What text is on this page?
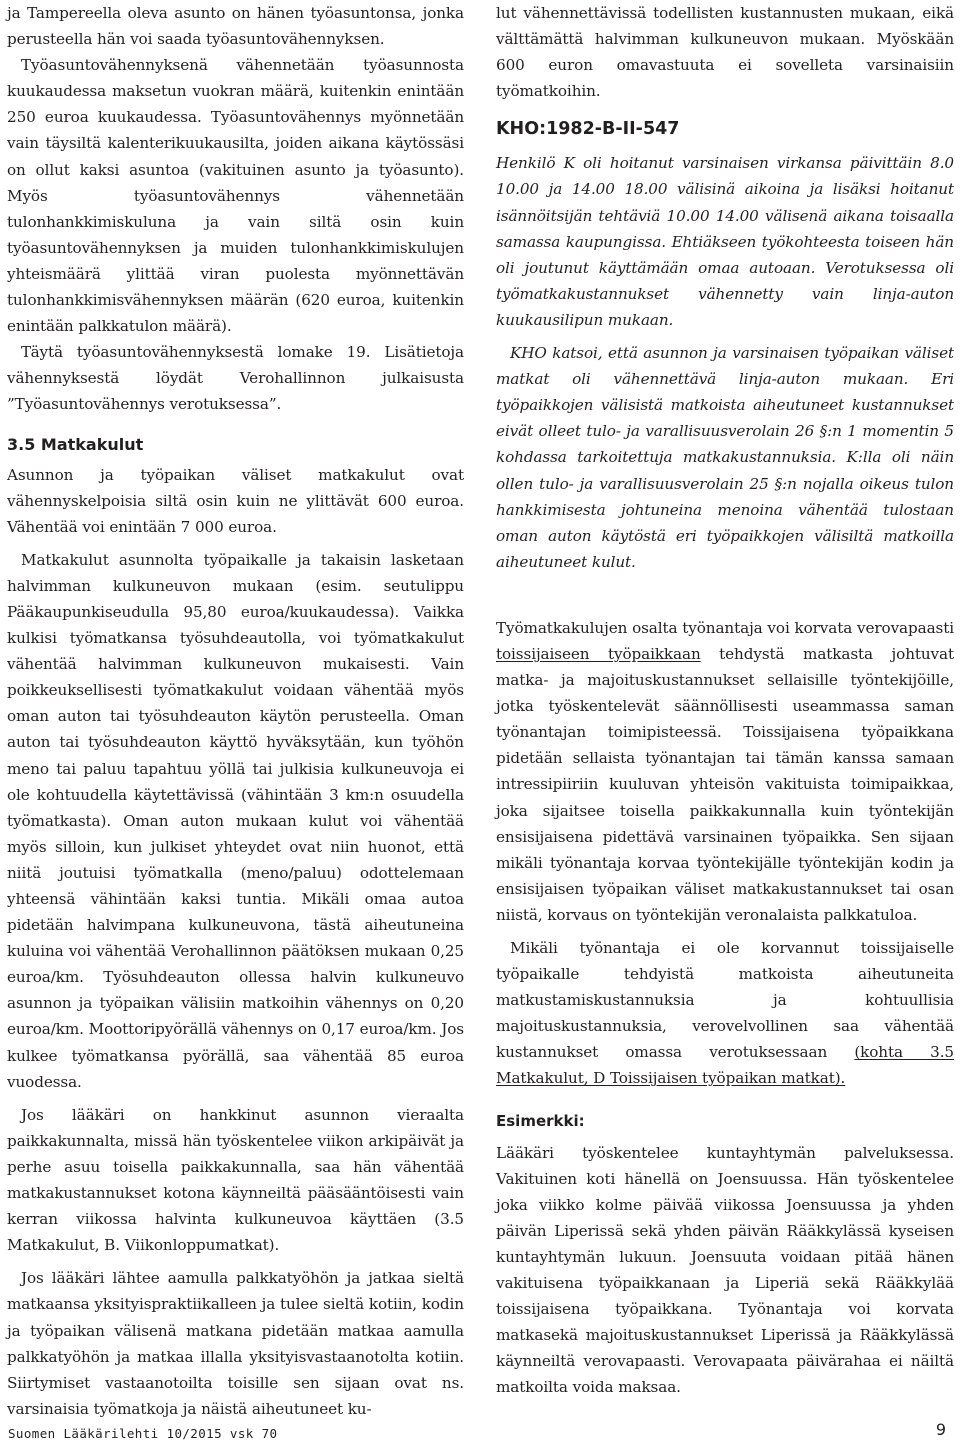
ja Tampereella oleva asunto on hänen työasuntonsa, jonka perusteella hän voi saada työasuntovähennyksen.

Työasuntovähennyksenä vähennetään työasunnosta kuukaudessa maksetun vuokran määrä, kuitenkin enintään 250 euroa kuukaudessa. Työasuntovähennys myönnetään vain täysiltä kalenterikuukausilta, joiden aikana käytössäsi on ollut kaksi asuntoa (vakituinen asunto ja työasunto). Myös työasuntovähennys vähennetään tulonhankkimiskuluna ja vain siltä osin kuin työasuntovähennyksen ja muiden tulonhankkimiskulujen yhteismäärä ylittää viran puolesta myönnettävän tulonhankkimisvähennyksen määrän (620 euroa, kuitenkin enintään palkkatulon määrä).

Täytä työasuntovähennyksestä lomake 19. Lisätietoja vähennyksestä löydät Verohallinnon julkaisusta ”Työasuntovähennys verotuksessa”.

3.5 Matkakulut

Asunnon ja työpaikan väliset matkakulut ovat vähennyskelpoisia siltä osin kuin ne ylittävät 600 euroa. Vähentää voi enintään 7 000 euroa.

Matkakulut asunnolta työpaikalle ja takaisin lasketaan halvimman kulkuneuvon mukaan (esim. seutulippu Pääkaupunkiseudulla 95,80 euroa/kuukaudessa). Vaikka kulkisi työmatkansa työsuhdeautolla, voi työmatkakulut vähentää halvimman kulkuneuvon mukaisesti. Vain poikkeuksellisesti työmatkakulut voidaan vähentää myös oman auton tai työsuhdeauton käytön perusteella. Oman auton tai työsuhdeauton käyttö hyväksytään, kun työhön meno tai paluu tapahtuu yöllä tai julkisia kulkuneuvoja ei ole kohtuudella käytettävissä (vähintään 3 km:n osuudella työmatkasta). Oman auton mukaan kulut voi vähentää myös silloin, kun julkiset yhteydet ovat niin huonot, että niitä joutuisi työmatkalla (meno/paluu) odottelemaan yhteensä vähintään kaksi tuntia. Mikäli omaa autoa pidetään halvimpana kulkuneuvona, tästä aiheutuneina kuluina voi vähentää Verohallinnon päätöksen mukaan 0,25 euroa/km. Työsuhdeauton ollessa halvin kulkuneuvo asunnon ja työpaikan välisiin matkoihin vähennys on 0,20 euroa/km. Moottoripyörällä vähennys on 0,17 euroa/km. Jos kulkee työmatkansa pyörällä, saa vähentää 85 euroa vuodessa.

Jos lääkäri on hankkinut asunnon vieraalta paikkakunnalta, missä hän työskentelee viikon arkipäivät ja perhe asuu toisella paikkakunnalla, saa hän vähentää matkakustannukset kotona käynneiltä pääsääntöisesti vain kerran viikossa halvinta kulkuneuvoa käyttäen (3.5 Matkakulut, B. Viikonloppumatkat).

Jos lääkäri lähtee aamulla palkkatyöhön ja jatkaa sieltä matkaansa yksityispraktiikalleen ja tulee sieltä kotiin, kodin ja työpaikan välisenä matkana pidetään matkaa aamulla palkkatyöhön ja matkaa illalla yksityisvastaanotolta kotiin. Siirtymiset vastaanotoilta toisille sen sijaan ovat ns. varsinaisia työmatkoja ja näistä aiheutuneet ku-

lut vähennettävissä todellisten kustannusten mukaan, eikä välttämättä halvimman kulkuneuvon mukaan. Myöskään 600 euron omavastuuta ei sovelleta varsinaisiin työmatkoihin.

KHO:1982-B-II-547

Henkilö K oli hoitanut varsinaisen virkansa päivittäin 8.0 10.00 ja 14.00 18.00 välisinä aikoina ja lisäksi hoitanut isännöitsijän tehtäviä 10.00 14.00 välisenä aikana toisaalla samassa kaupungissa. Ehtiäkseen työkohteesta toiseen hän oli joutunut käyttämään omaa autoaan. Verotuksessa oli työmatkakustannukset vähennetty vain linja-auton kuukausilipun mukaan.

KHO katsoi, että asunnon ja varsinaisen työpaikan väliset matkat oli vähennettävä linja-auton mukaan. Eri työpaikkojen välisistä matkoista aiheutuneet kustannukset eivät olleet tulo- ja varallisuusverolain 26 §:n 1 momentin 5 kohdassa tarkoitettuja matkakustannuksia. K:lla oli näin ollen tulo- ja varallisuusverolain 25 §:n nojalla oikeus tulon hankkimisesta johtuneina menoina vähentää tulostaan oman auton käytöstä eri työpaikkojen välisiltä matkoilla aiheutuneet kulut.

Työmatkakulujen osalta työnantaja voi korvata verovapaasti toissijaiseen työpaikkaan tehdystä matkasta johtuvat matka- ja majoituskustannukset sellaisille työntekijöille, jotka työskentelevät säännöllisesti useammassa saman työnantajan toimipisteessä. Toissijaisena työpaikkana pidetään sellaista työnantajan tai tämän kanssa samaan intressipiiriin kuuluvan yhteisön vakituista toimipaikkaa, joka sijaitsee toisella paikkakunnalla kuin työntekijän ensisijaisena pidettävä varsinainen työpaikka. Sen sijaan mikäli työnantaja korvaa työntekijälle työntekijän kodin ja ensisijaisen työpaikan väliset matkakustannukset tai osan niistä, korvaus on työntekijän veronalaista palkkatuloa.

Mikäli työnantaja ei ole korvannut toissijaiselle työpaikalle tehdyistä matkoista aiheutuneita matkustamiskustannuksia ja kohtuullisia majoituskustannuksia, verovelvollinen saa vähentää kustannukset omassa verotuksessaan (kohta 3.5 Matkakulut, D Toissijaisen työpaikan matkat).

Esimerkki:

Lääkäri työskentelee kuntayhtymän palveluksessa. Vakituinen koti hänellä on Joensuussa. Hän työskentelee joka viikko kolme päivää viikossa Joensuussa ja yhden päivän Liperissä sekä yhden päivän Rääkkylässä kyseisen kuntayhtymän lukuun. Joensuuta voidaan pitää hänen vakituisena työpaikkanaan ja Liperiä sekä Rääkkylää toissijaisena työpaikkana. Työnantaja voi korvata matkasekä majoituskustannukset Liperissä ja Rääkkylässä käynneiltä verovapaasti. Verovapaata päivärahaa ei näiltä matkoilta voida maksaa.

Suomen Lääkärilehti 10/2015 vsk 70	9
